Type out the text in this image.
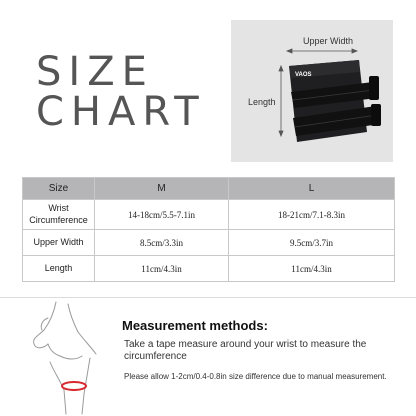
SIZE
CHART
VAOS
Upper Width
Length
Size	M	L
Wrist Circumference	14-18cm/5.5-7.1in	18-21cm/7.1-8.3in
Upper Width	8.5cm/3.3in	9.5cm/3.7in
Length	11cm/4.3in	11cm/4.3in
Measurement methods:
Take a tape measure around your wrist to measure the circumference
Please allow 1-2cm/0.4-0.8in size difference due to manual measurement.
